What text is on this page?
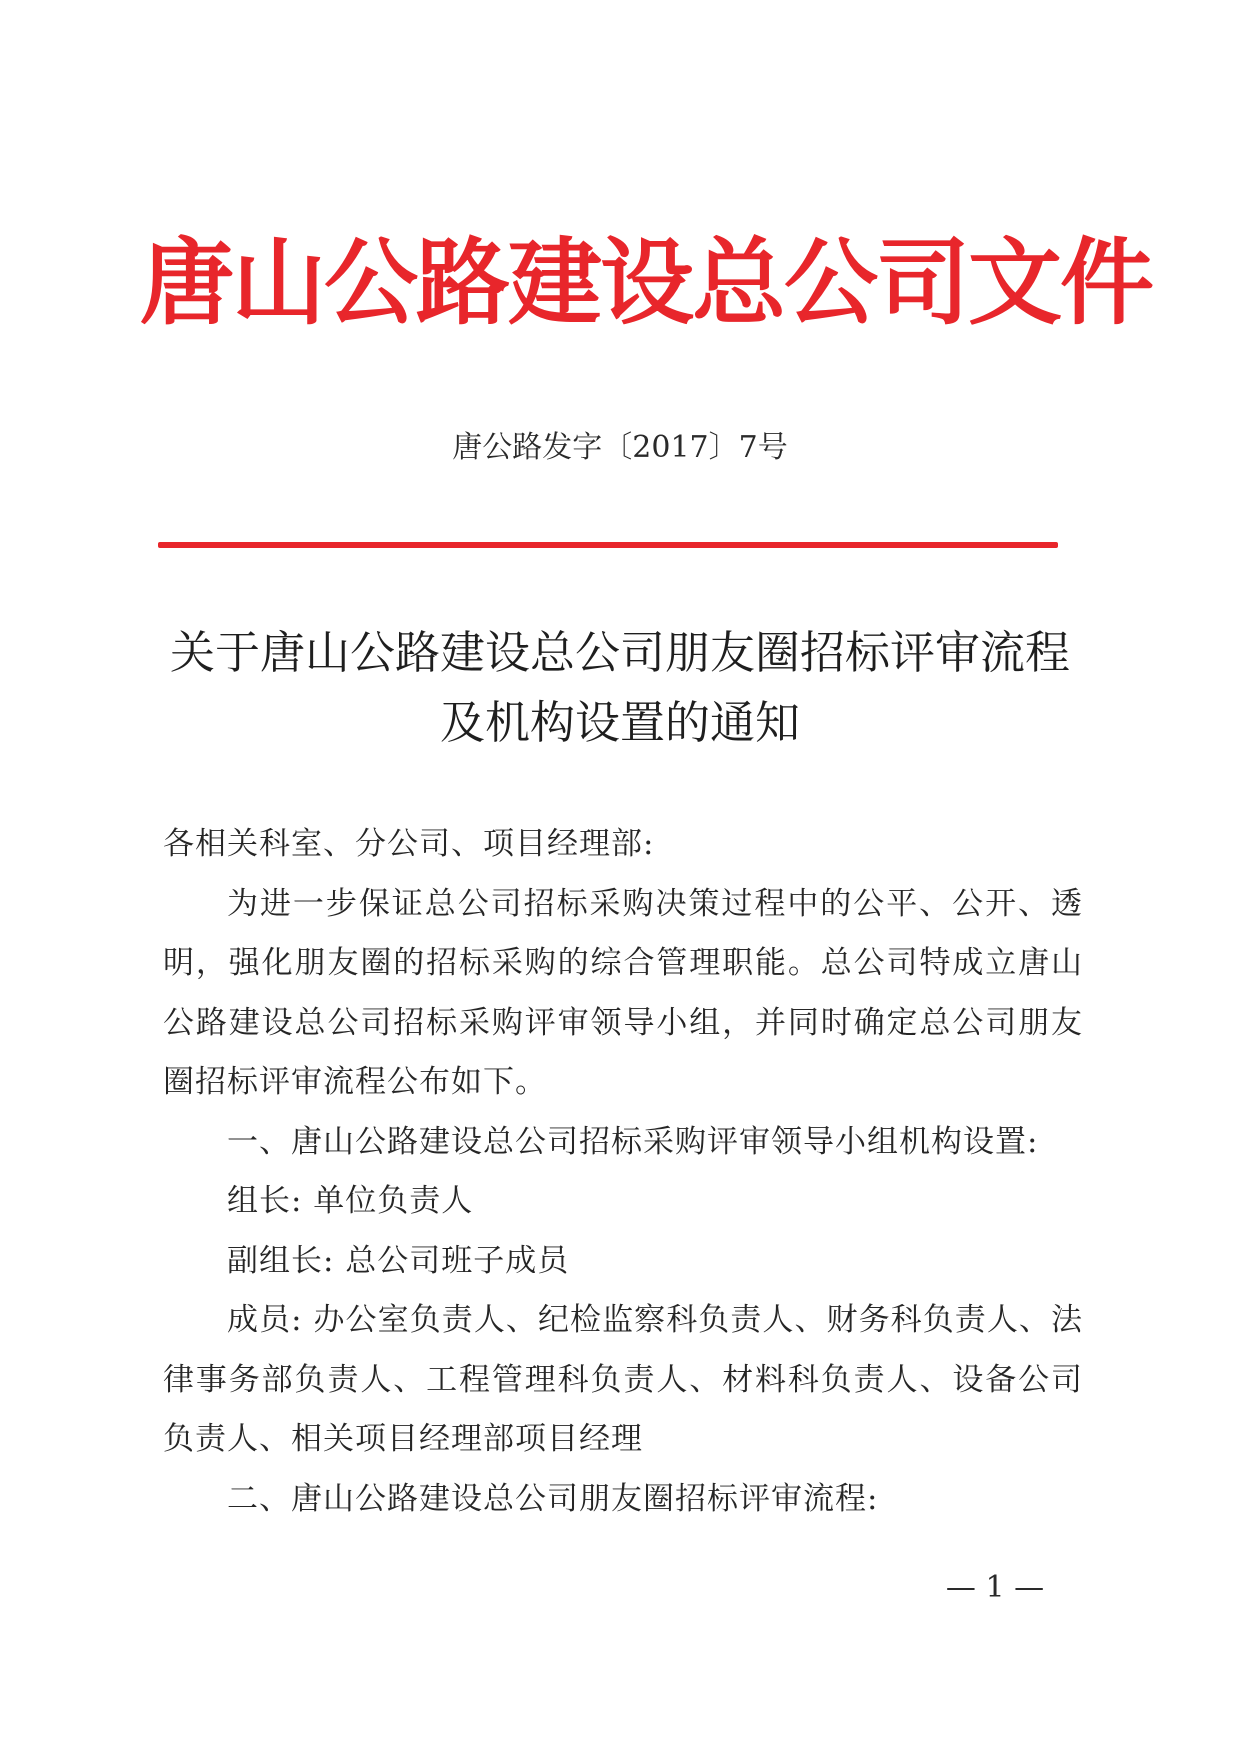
唐山公路建设总公司文件
唐公路发字〔2017〕7号
关于唐山公路建设总公司朋友圈招标评审流程
及机构设置的通知

各相关科室、分公司、项目经理部:

为进一步保证总公司招标采购决策过程中的公平、公开、透明，强化朋友圈的招标采购的综合管理职能。总公司特成立唐山公路建设总公司招标采购评审领导小组，并同时确定总公司朋友圈招标评审流程公布如下。

一、唐山公路建设总公司招标采购评审领导小组机构设置:

组长: 单位负责人

副组长: 总公司班子成员

成员: 办公室负责人、纪检监察科负责人、财务科负责人、法律事务部负责人、工程管理科负责人、材料科负责人、设备公司负责人、相关项目经理部项目经理

二、唐山公路建设总公司朋友圈招标评审流程:

— 1 —
